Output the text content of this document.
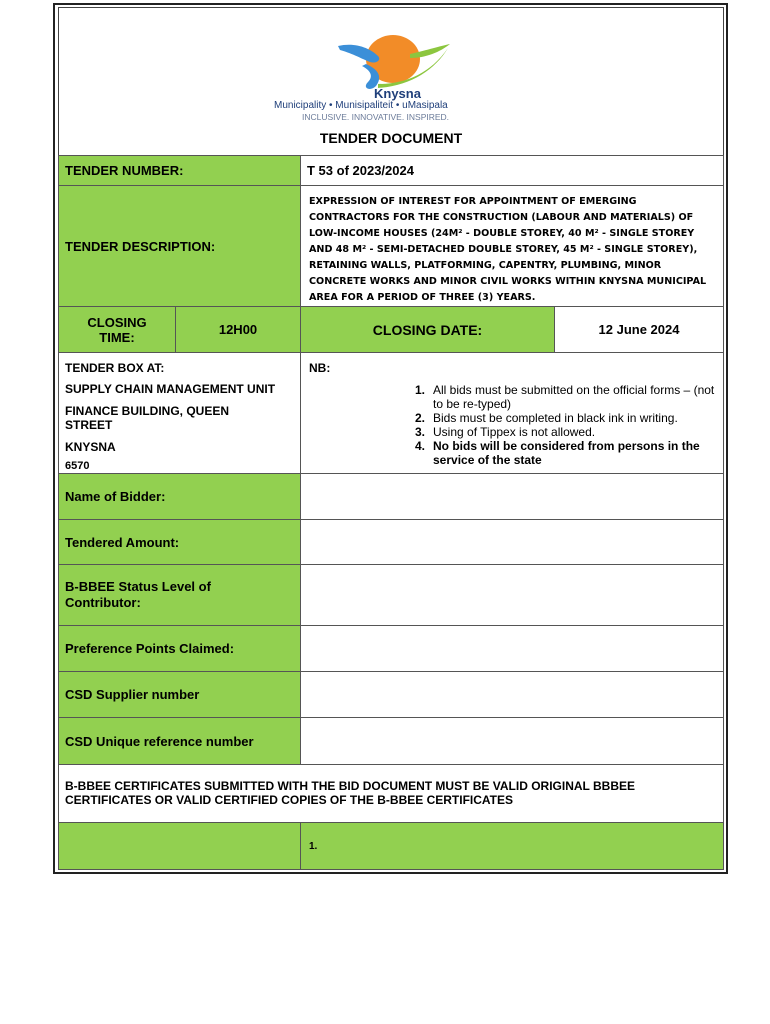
Knysna
Municipality • Munisipaliteit • uMasipala
INCLUSIVE. INNOVATIVE. INSPIRED.
TENDER DOCUMENT
TENDER NUMBER:	T 53 of 2023/2024
TENDER DESCRIPTION:
EXPRESSION OF INTEREST FOR APPOINTMENT OF EMERGING CONTRACTORS FOR THE CONSTRUCTION (LABOUR AND MATERIALS) OF LOW-INCOME HOUSES (24M² - DOUBLE STOREY, 40 M² - SINGLE STOREY AND 48 M² - SEMI-DETACHED DOUBLE STOREY, 45 M² - SINGLE STOREY), RETAINING WALLS, PLATFORMING, CAPENTRY, PLUMBING, MINOR CONCRETE WORKS AND MINOR CIVIL WORKS WITHIN KNYSNA MUNICIPAL AREA FOR A PERIOD OF THREE (3) YEARS.
CLOSING TIME:	12H00	CLOSING DATE:	12 June 2024
TENDER BOX AT:
SUPPLY CHAIN MANAGEMENT UNIT
FINANCE BUILDING, QUEEN STREET
KNYSNA
6570
NB:
1. All bids must be submitted on the official forms – (not to be re-typed)
2. Bids must be completed in black ink in writing.
3. Using of Tippex is not allowed.
4. No bids will be considered from persons in the service of the state
Name of Bidder:
Tendered Amount:
B-BBEE Status Level of Contributor:
Preference Points Claimed:
CSD Supplier number
CSD Unique reference number
B-BBEE CERTIFICATES SUBMITTED WITH THE BID DOCUMENT MUST BE VALID ORIGINAL BBBEE CERTIFICATES OR VALID CERTIFIED COPIES OF THE B-BBEE CERTIFICATES
1.
